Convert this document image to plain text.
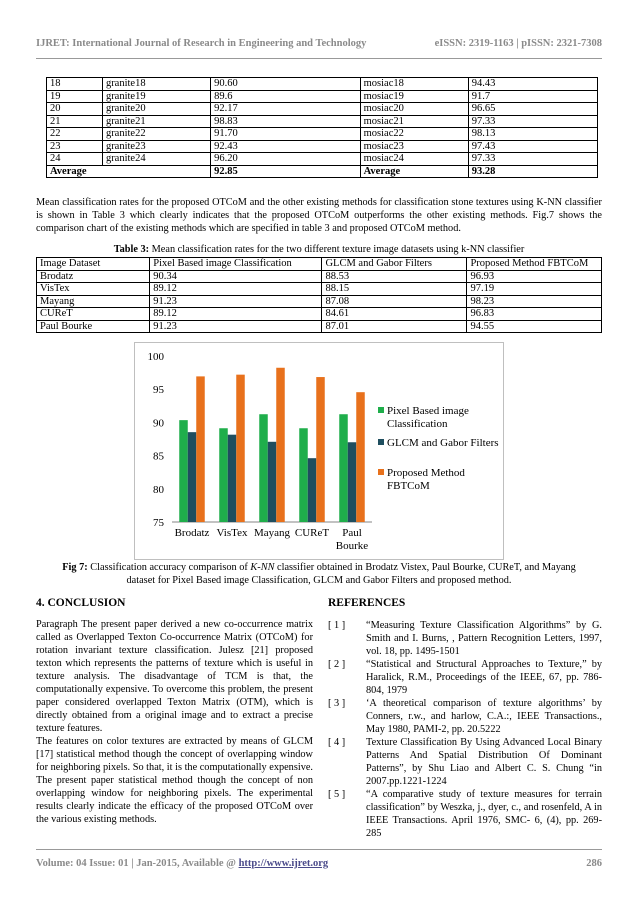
IJRET: International Journal of Research in Engineering and Technology	eISSN: 2319-1163 | pISSN: 2321-7308
18	granite18	90.60	mosiac18	94.43
19	granite19	89.6	mosiac19	91.7
20	granite20	92.17	mosiac20	96.65
21	granite21	98.83	mosiac21	97.33
22	granite22	91.70	mosiac22	98.13
23	granite23	92.43	mosiac23	97.43
24	granite24	96.20	mosiac24	97.33
Average		92.85	Average	93.28
Mean classification rates for the proposed OTCoM and the other existing methods for classification stone textures using K-NN classifier is shown in Table 3 which clearly indicates that the proposed OTCoM outperforms the other existing methods. Fig.7 shows the comparison chart of the existing methods which are specified in table 3 and proposed OTCoM method.
Table 3: Mean classification rates for the two different texture image datasets using k-NN classifier
Image Dataset	Pixel Based image Classification	GLCM and Gabor Filters	Proposed Method FBTCoM
Brodatz	90.34	88.53	96.93
VisTex	89.12	88.15	97.19
Mayang	91.23	87.08	98.23
CUReT	89.12	84.61	96.83
Paul Bourke	91.23	87.01	94.55
75
80
85
90
95
100
Brodatz VisTex Mayang CUReT Paul
Bourke
Pixel Based image
Classification
GLCM and Gabor Filters
Proposed Method
FBTCoM
Fig 7: Classification accuracy comparison of K-NN classifier obtained in Brodatz Vistex, Paul Bourke, CUReT, and Mayang dataset for Pixel Based image Classification, GLCM and Gabor Filters and proposed method.
4. CONCLUSION
Paragraph The present paper derived a new co-occurrence matrix called as Overlapped Texton Co-occurrence Matrix (OTCoM) for rotation invariant texture classification. Julesz [21] proposed texton which represents the patterns of texture which is useful in texture analysis. The disadvantage of TCM is that, the computationally expensive. To overcome this problem, the present paper considered overlapped Texton Matrix (OTM), which is directly obtained from a original image and to extract a precise texture features.
The features on color textures are extracted by means of GLCM [17] statistical method though the concept of overlapping window for neighboring pixels. So that, it is the computationally expensive. The present paper statistical method though the concept of non overlapping window for neighboring pixels. The experimental results clearly indicate the efficacy of the proposed OTCoM over the various existing methods.
REFERENCES
[ 1 ]	“Measuring Texture Classification Algorithms” by G. Smith and I. Burns, , Pattern Recognition Letters, 1997, vol. 18, pp. 1495-1501
[ 2 ]	“Statistical and Structural Approaches to Texture,” by Haralick, R.M., Proceedings of the IEEE, 67, pp. 786-804, 1979
[ 3 ]	‘A theoretical comparison of texture algorithms’ by Conners, r.w., and harlow, C.A.:, IEEE Transactions., May 1980, PAMI-2, pp. 20.5222
[ 4 ]	Texture Classification By Using Advanced Local Binary Patterns And Spatial Distribution Of Dominant Patterns”, by Shu Liao and Albert C. S. Chung “in 2007.pp.1221-1224
[ 5 ]	“A comparative study of texture measures for terrain classification” by Weszka, j., dyer, c., and rosenfeld, A in IEEE Transactions. April 1976, SMC- 6, (4), pp. 269-285
Volume: 04 Issue: 01 | Jan-2015, Available @ http://www.ijret.org	286
